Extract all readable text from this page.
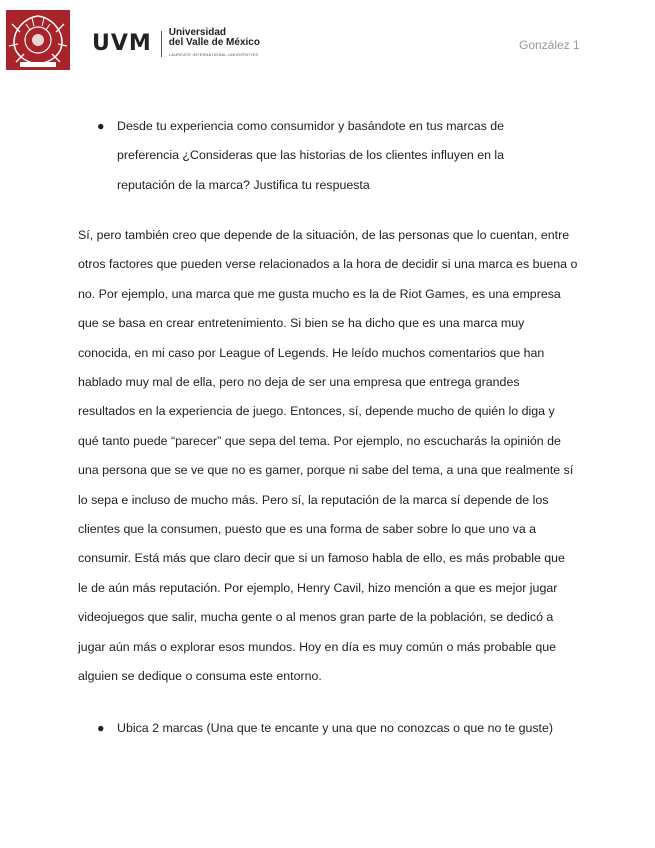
UVM Universidad
del Valle de México
LAUREATE INTERNATIONAL UNIVERSITIES
González 1
● Desde tu experiencia como consumidor y basándote en tus marcas de preferencia ¿Consideras que las historias de los clientes influyen en la reputación de la marca? Justifica tu respuesta

Sí, pero también creo que depende de la situación, de las personas que lo cuentan, entre otros factores que pueden verse relacionados a la hora de decidir si una marca es buena o no. Por ejemplo, una marca que me gusta mucho es la de Riot Games, es una empresa que se basa en crear entretenimiento. Si bien se ha dicho que es una marca muy conocida, en mi caso por League of Legends. He leído muchos comentarios que han hablado muy mal de ella, pero no deja de ser una empresa que entrega grandes resultados en la experiencia de juego. Entonces, sí, depende mucho de quién lo diga y qué tanto puede “parecer” que sepa del tema. Por ejemplo, no escucharás la opinión de una persona que se ve que no es gamer, porque ni sabe del tema, a una que realmente sí lo sepa e incluso de mucho más. Pero sí, la reputación de la marca sí depende de los clientes que la consumen, puesto que es una forma de saber sobre lo que uno va a consumir. Está más que claro decir que si un famoso habla de ello, es más probable que le de aún más reputación. Por ejemplo, Henry Cavil, hizo mención a que es mejor jugar videojuegos que salir, mucha gente o al menos gran parte de la población, se dedicó a jugar aún más o explorar esos mundos. Hoy en día es muy común o más probable que alguien se dedique o consuma este entorno.

● Ubica 2 marcas (Una que te encante y una que no conozcas o que no te guste)
